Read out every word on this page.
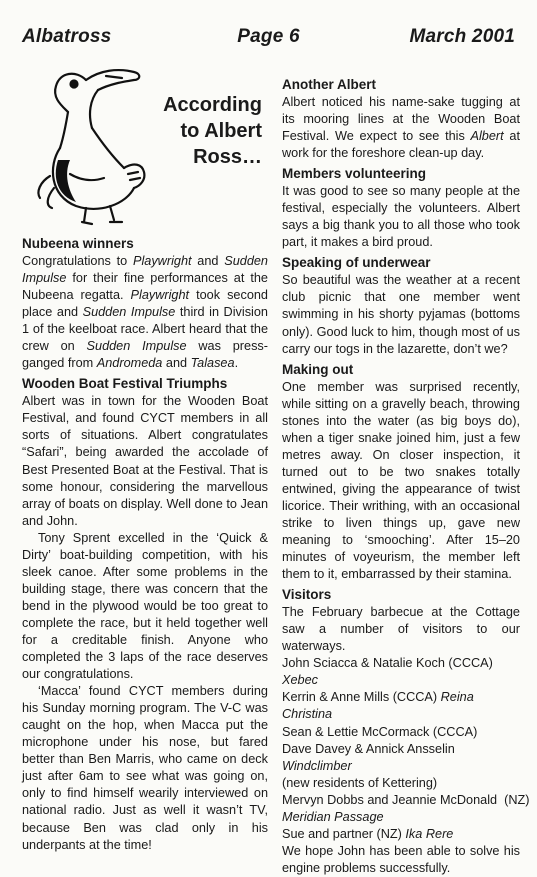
Albatross	Page 6	March 2001
According
to Albert
Ross…
Nubeena winners

Congratulations to Playwright and Sudden Impulse for their fine performances at the Nubeena regatta. Playwright took second place and Sudden Impulse third in Division 1 of the keelboat race. Albert heard that the crew on Sudden Impulse was press-ganged from Andromeda and Talasea.

Wooden Boat Festival Triumphs

Albert was in town for the Wooden Boat Festival, and found CYCT members in all sorts of situations. Albert congratulates “Safari”, being awarded the accolade of Best Presented Boat at the Festival. That is some honour, considering the marvellous array of boats on display. Well done to Jean and John.

Tony Sprent excelled in the ‘Quick & Dirty’ boat-building competition, with his sleek canoe. After some problems in the building stage, there was concern that the bend in the plywood would be too great to complete the race, but it held together well for a creditable finish. Anyone who completed the 3 laps of the race deserves our congratulations.

‘Macca’ found CYCT members during his Sunday morning program. The V-C was caught on the hop, when Macca put the microphone under his nose, but fared better than Ben Marris, who came on deck just after 6am to see what was going on, only to find himself wearily interviewed on national radio. Just as well it wasn’t TV, because Ben was clad only in his underpants at the time!

Another Albert

Albert noticed his name-sake tugging at its mooring lines at the Wooden Boat Festival. We expect to see this Albert at work for the foreshore clean-up day.

Members volunteering

It was good to see so many people at the festival, especially the volunteers. Albert says a big thank you to all those who took part, it makes a bird proud.

Speaking of underwear

So beautiful was the weather at a recent club picnic that one member went swimming in his shorty pyjamas (bottoms only). Good luck to him, though most of us carry our togs in the lazarette, don’t we?

Making out

One member was surprised recently, while sitting on a gravelly beach, throwing stones into the water (as big boys do), when a tiger snake joined him, just a few metres away. On closer inspection, it turned out to be two snakes totally entwined, giving the appearance of twist licorice. Their writhing, with an occasional strike to liven things up, gave new meaning to ‘smooching’. After 15–20 minutes of voyeurism, the member left them to it, embarrassed by their stamina.

Visitors

The February barbecue at the Cottage saw a number of visitors to our waterways.

John Sciacca & Natalie Koch (CCCA) Xebec

Kerrin & Anne Mills (CCCA) Reina Christina

Sean & Lettie McCormack (CCCA)

Dave Davey & Annick Ansselin Windclimber

(new residents of Kettering)

Mervyn Dobbs and Jeannie McDonald  (NZ)

Meridian Passage

Sue and partner (NZ) Ika Rere

We hope John has been able to solve his engine problems successfully.
